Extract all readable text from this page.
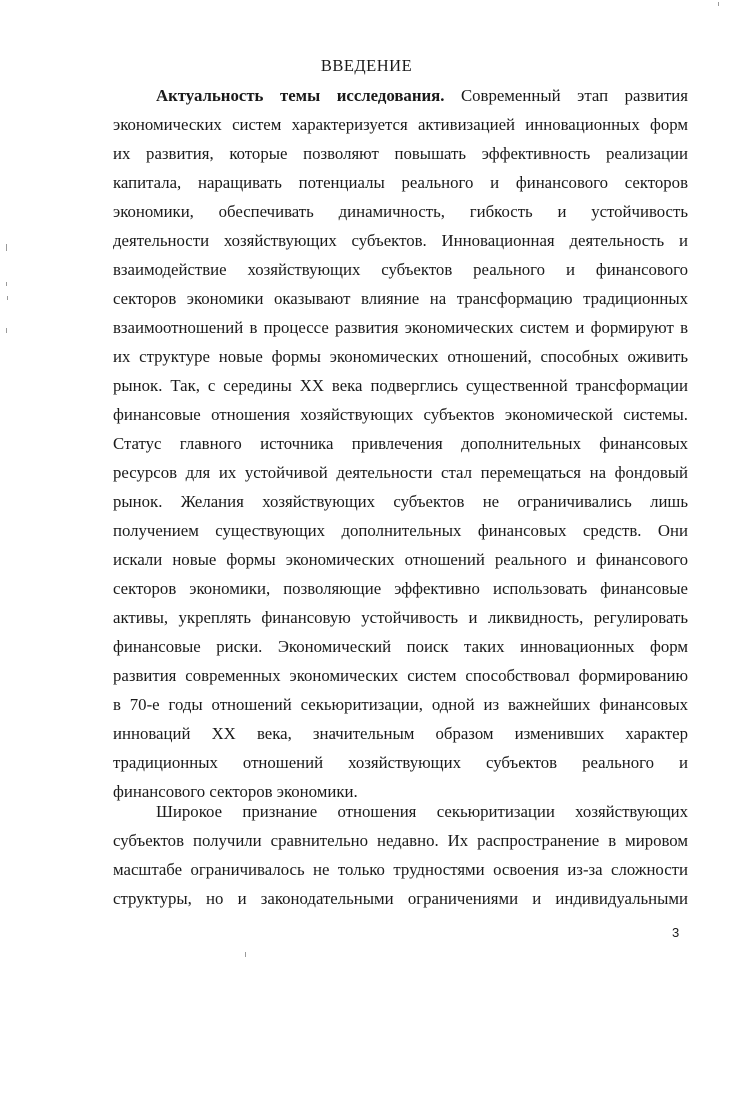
ВВЕДЕНИЕ
Актуальность темы исследования. Современный этап развития
экономических систем характеризуется активизацией инновационных форм
их развития, которые позволяют повышать эффективность реализации
капитала, наращивать потенциалы реального и финансового секторов
экономики, обеспечивать динамичность, гибкость и устойчивость
деятельности хозяйствующих субъектов. Инновационная деятельность и
взаимодействие хозяйствующих субъектов реального и финансового
секторов экономики оказывают влияние на трансформацию традиционных
взаимоотношений в процессе развития экономических систем и формируют в
их структуре новые формы экономических отношений, способных оживить
рынок. Так, с середины XX века подверглись существенной трансформации
финансовые отношения хозяйствующих субъектов экономической системы.
Статус главного источника привлечения дополнительных финансовых
ресурсов для их устойчивой деятельности стал перемещаться на фондовый
рынок. Желания хозяйствующих субъектов не ограничивались лишь
получением существующих дополнительных финансовых средств. Они
искали новые формы экономических отношений реального и финансового
секторов экономики, позволяющие эффективно использовать финансовые
активы, укреплять финансовую устойчивость и ликвидность, регулировать
финансовые риски. Экономический поиск таких инновационных форм
развития современных экономических систем способствовал формированию
в 70-е годы отношений секьюритизации, одной из важнейших финансовых
инноваций XX века, значительным образом изменивших характер
традиционных отношений хозяйствующих субъектов реального и
финансового секторов экономики.
Широкое признание отношения секьюритизации хозяйствующих
субъектов получили сравнительно недавно. Их распространение в мировом
масштабе ограничивалось не только трудностями освоения из-за сложности
структуры, но и законодательными ограничениями и индивидуальными
3
